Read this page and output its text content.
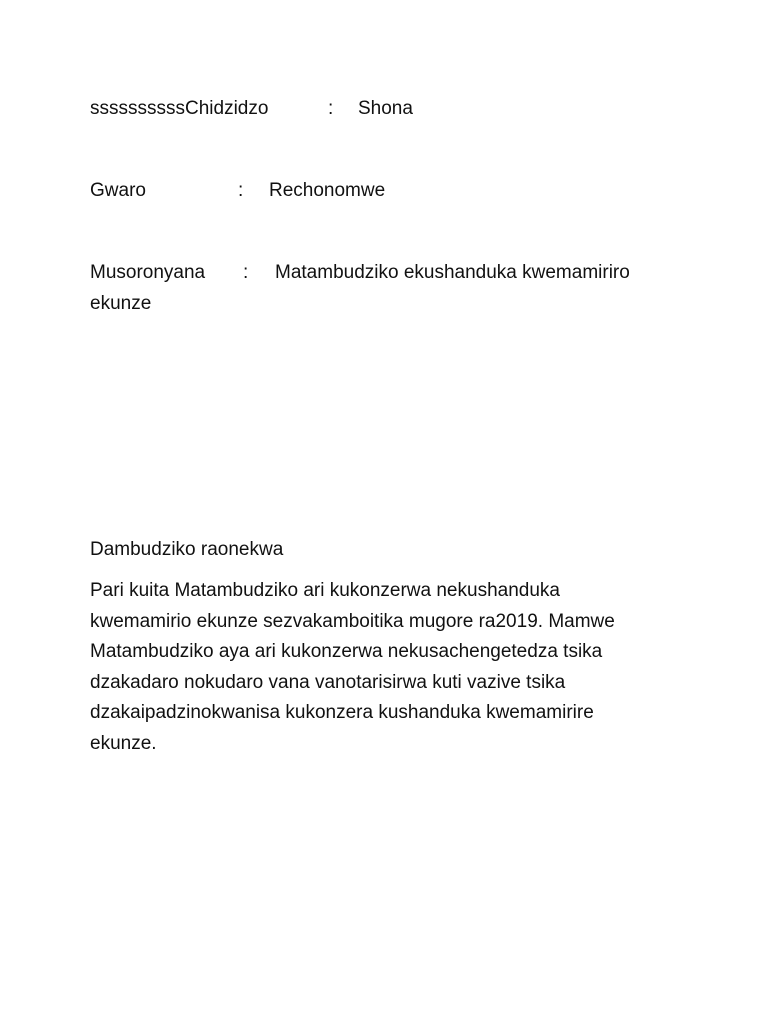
ssssssssssChidzidzo	: Shona
Gwaro	: Rechonomwe
Musoronyana : Matambudziko ekushanduka kwemamiriro
ekunze
Dambudziko raonekwa
Pari kuita Matambudziko ari kukonzerwa nekushanduka
kwemamirio ekunze sezvakamboitika mugore ra2019. Mamwe
Matambudziko aya ari kukonzerwa nekusachengetedza tsika
dzakadaro nokudaro vana vanotarisirwa kuti vazive tsika
dzakaipadzinokwanisa kukonzera kushanduka kwemamirire
ekunze.
